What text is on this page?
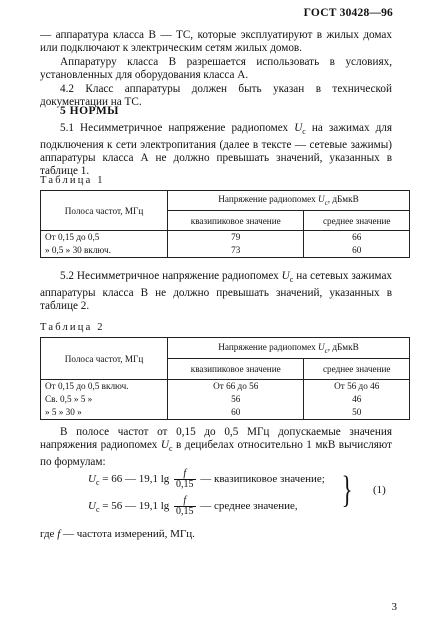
ГОСТ 30428—96
— аппаратура класса В — ТС, которые эксплуатируют в жилых домах или подключают к электрическим сетям жилых домов.
Аппаратуру класса В разрешается использовать в условиях, установленных для оборудования класса А.
4.2 Класс аппаратуры должен быть указан в технической документации на ТС.
5 НОРМЫ
5.1 Несимметричное напряжение радиопомех $U_c$ на зажимах для подключения к сети электропитания (далее в тексте — сетевые зажимы) аппаратуры класса А не должно превышать значений, указанных в таблице 1.
Таблица 1
Полоса частот, МГц	Напряжение радиопомех $U_c$, дБмкВ	
	квазипиковое значение	среднее значение
От 0,15 до 0,5	79	66
» 0,5 » 30 включ.	73	60
5.2 Несимметричное напряжение радиопомех $U_c$ на сетевых зажимах аппаратуры класса В не должно превышать значений, указанных в таблице 2.
Таблица 2
Полоса частот, МГц	Напряжение радиопомех $U_c$, дБмкВ	
	квазипиковое значение	среднее значение
От 0,15 до 0,5 включ.	От 66 до 56	От 56 до 46
Св. 0,5 » 5 »	56	46
» 5 » 30 »	60	50
В полосе частот от 0,15 до 0,5 МГц допускаемые значения напряжения радиопомех $U_c$ в децибелах относительно 1 мкВ вычисляют по формулам:
$U_c = 66$ — 19,1 $\lg \frac{f}{0,15}$ — квазипиковое значение;
$U_c = 56$ — 19,1 $\lg \frac{f}{0,15}$ — среднее значение, } (1)
где f — частота измерений, МГц.
3
